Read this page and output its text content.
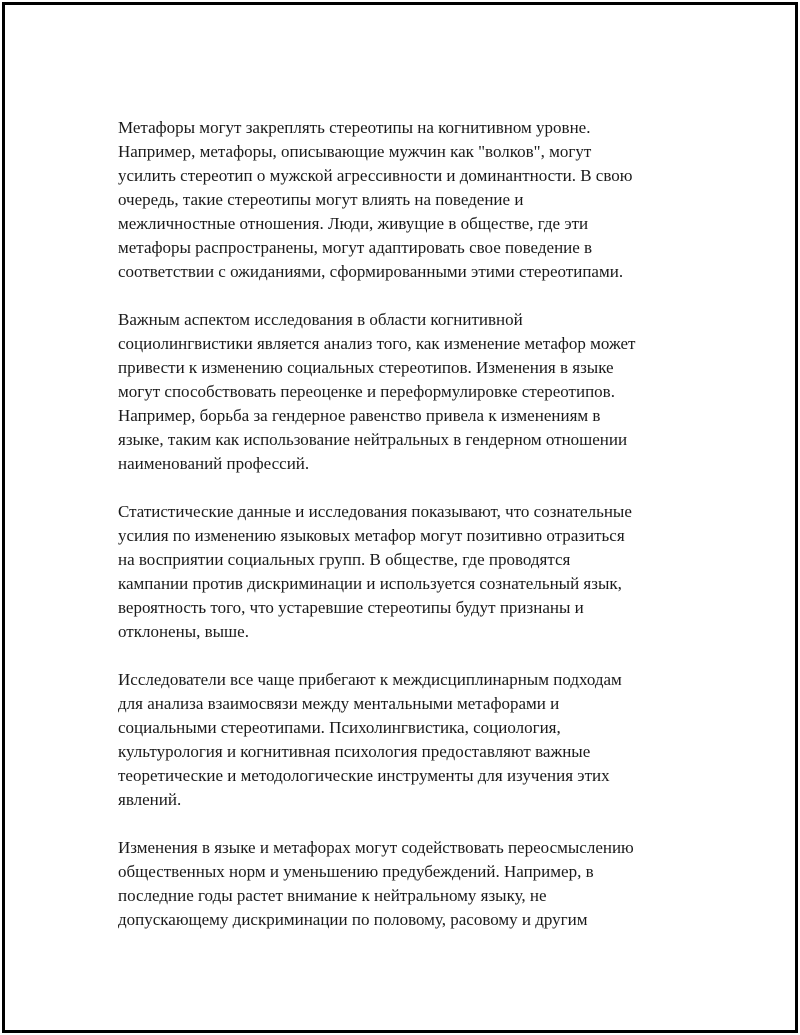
Метафоры могут закреплять стереотипы на когнитивном уровне.
Например, метафоры, описывающие мужчин как "волков", могут
усилить стереотип о мужской агрессивности и доминантности. В свою
очередь, такие стереотипы могут влиять на поведение и
межличностные отношения. Люди, живущие в обществе, где эти
метафоры распространены, могут адаптировать свое поведение в
соответствии с ожиданиями, сформированными этими стереотипами.

Важным аспектом исследования в области когнитивной
социолингвистики является анализ того, как изменение метафор может
привести к изменению социальных стереотипов. Изменения в языке
могут способствовать переоценке и переформулировке стереотипов.
Например, борьба за гендерное равенство привела к изменениям в
языке, таким как использование нейтральных в гендерном отношении
наименований профессий.

Статистические данные и исследования показывают, что сознательные
усилия по изменению языковых метафор могут позитивно отразиться
на восприятии социальных групп. В обществе, где проводятся
кампании против дискриминации и используется сознательный язык,
вероятность того, что устаревшие стереотипы будут признаны и
отклонены, выше.

Исследователи все чаще прибегают к междисциплинарным подходам
для анализа взаимосвязи между ментальными метафорами и
социальными стереотипами. Психолингвистика, социология,
культурология и когнитивная психология предоставляют важные
теоретические и методологические инструменты для изучения этих
явлений.

Изменения в языке и метафорах могут содействовать переосмыслению
общественных норм и уменьшению предубеждений. Например, в
последние годы растет внимание к нейтральному языку, не
допускающему дискриминации по половому, расовому и другим
